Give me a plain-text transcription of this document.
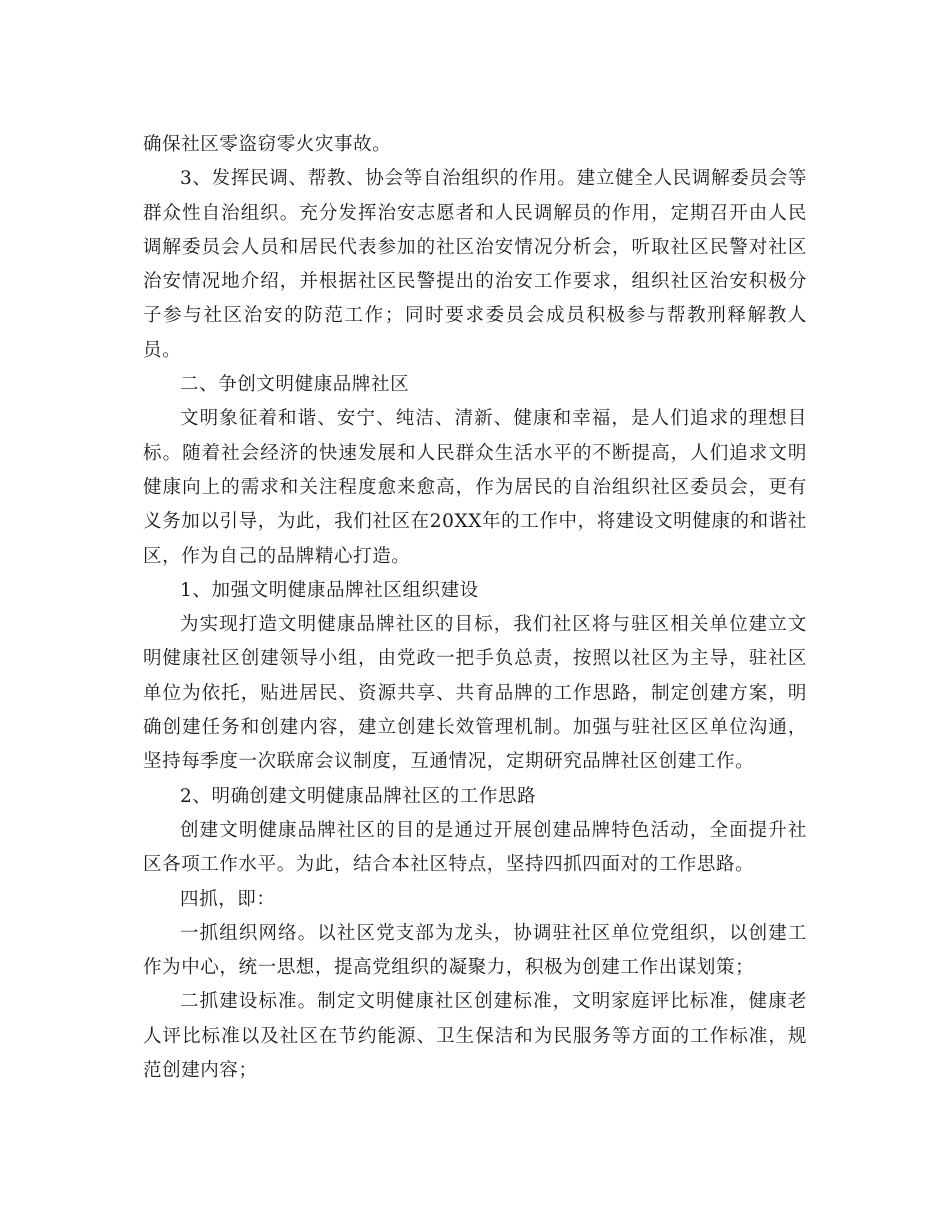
确保社区零盗窃零火灾事故。

3、发挥民调、帮教、协会等自治组织的作用。建立健全人民调解委员会等群众性自治组织。充分发挥治安志愿者和人民调解员的作用，定期召开由人民调解委员会人员和居民代表参加的社区治安情况分析会，听取社区民警对社区治安情况地介绍，并根据社区民警提出的治安工作要求，组织社区治安积极分子参与社区治安的防范工作；同时要求委员会成员积极参与帮教刑释解教人员。

二、争创文明健康品牌社区

文明象征着和谐、安宁、纯洁、清新、健康和幸福，是人们追求的理想目标。随着社会经济的快速发展和人民群众生活水平的不断提高，人们追求文明健康向上的需求和关注程度愈来愈高，作为居民的自治组织社区委员会，更有义务加以引导，为此，我们社区在20XX年的工作中，将建设文明健康的和谐社区，作为自己的品牌精心打造。

1、加强文明健康品牌社区组织建设

为实现打造文明健康品牌社区的目标，我们社区将与驻区相关单位建立文明健康社区创建领导小组，由党政一把手负总责，按照以社区为主导，驻社区单位为依托，贴进居民、资源共享、共育品牌的工作思路，制定创建方案，明确创建任务和创建内容，建立创建长效管理机制。加强与驻社区区单位沟通，坚持每季度一次联席会议制度，互通情况，定期研究品牌社区创建工作。

2、明确创建文明健康品牌社区的工作思路

创建文明健康品牌社区的目的是通过开展创建品牌特色活动，全面提升社区各项工作水平。为此，结合本社区特点，坚持四抓四面对的工作思路。

四抓，即：

一抓组织网络。以社区党支部为龙头，协调驻社区单位党组织，以创建工作为中心，统一思想，提高党组织的凝聚力，积极为创建工作出谋划策；

二抓建设标准。制定文明健康社区创建标准，文明家庭评比标准，健康老人评比标准以及社区在节约能源、卫生保洁和为民服务等方面的工作标准，规范创建内容；
